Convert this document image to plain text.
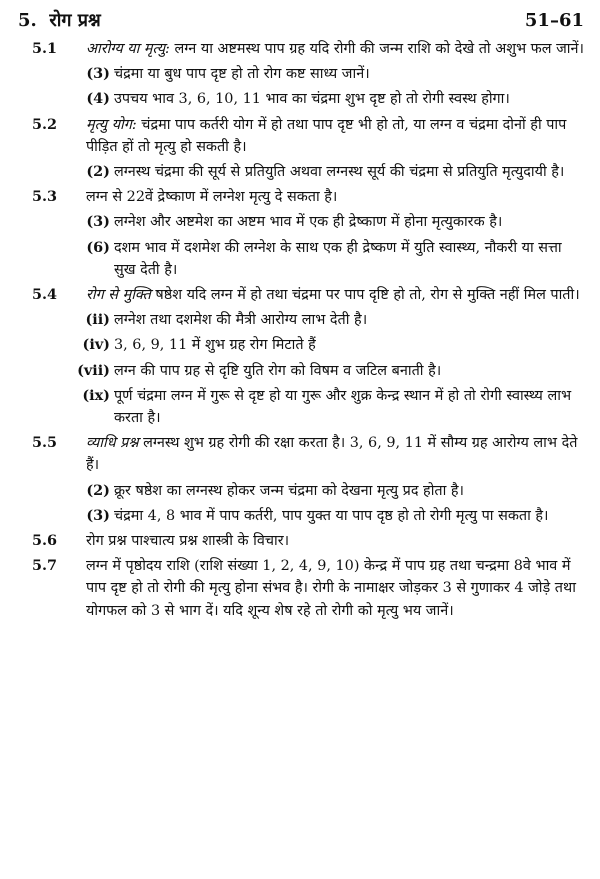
5. रोग प्रश्न	51–61

5.1 आरोग्य या मृत्यु: लग्न या अष्टमस्थ पाप ग्रह यदि रोगी की जन्म राशि को देखे तो अशुभ फल जानें।

(3) चंद्रमा या बुध पाप दृष्ट हो तो रोग कष्ट साध्य जानें।

(4) उपचय भाव 3, 6, 10, 11 भाव का चंद्रमा शुभ दृष्ट हो तो रोगी स्वस्थ होगा।

5.2 मृत्यु योग: चंद्रमा पाप कर्तरी योग में हो तथा पाप दृष्ट भी हो तो, या लग्न व चंद्रमा दोनों ही पाप पीड़ित हों तो मृत्यु हो सकती है।

(2) लग्नस्थ चंद्रमा की सूर्य से प्रतियुति अथवा लग्नस्थ सूर्य की चंद्रमा से प्रतियुति मृत्युदायी है।

5.3 लग्न से 22वें द्रेष्काण में लग्नेश मृत्यु दे सकता है।

(3) लग्नेश और अष्टमेश का अष्टम भाव में एक ही द्रेष्काण में होना मृत्युकारक है।

(6) दशम भाव में दशमेश की लग्नेश के साथ एक ही द्रेष्कण में युति स्वास्थ्य, नौकरी या सत्ता सुख देती है।

5.4 रोग से मुक्ति षष्ठेश यदि लग्न में हो तथा चंद्रमा पर पाप दृष्टि हो तो, रोग से मुक्ति नहीं मिल पाती।

(ii) लग्नेश तथा दशमेश की मैत्री आरोग्य लाभ देती है।

(iv) 3, 6, 9, 11 में शुभ ग्रह रोग मिटाते हैं

(vii) लग्न की पाप ग्रह से दृष्टि युति रोग को विषम व जटिल बनाती है।

(ix) पूर्ण चंद्रमा लग्न में गुरू से दृष्ट हो या गुरू और शुक्र केन्द्र स्थान में हो तो रोगी स्वास्थ्य लाभ करता है।

5.5 व्याधि प्रश्न लग्नस्थ शुभ ग्रह रोगी की रक्षा करता है। 3, 6, 9, 11 में सौम्य ग्रह आरोग्य लाभ देते हैं।

(2) क्रूर षष्ठेश का लग्नस्थ होकर जन्म चंद्रमा को देखना मृत्यु प्रद होता है।

(3) चंद्रमा 4, 8 भाव में पाप कर्तरी, पाप युक्त या पाप दृष्ठ हो तो रोगी मृत्यु पा सकता है।

5.6 रोग प्रश्न पाश्चात्य प्रश्न शास्त्री के विचार।

5.7 लग्न में पृष्ठोदय राशि (राशि संख्या 1, 2, 4, 9, 10) केन्द्र में पाप ग्रह तथा चन्द्रमा 8वे भाव में पाप दृष्ट हो तो रोगी की मृत्यु होना संभव है। रोगी के नामाक्षर जोड़कर 3 से गुणाकर 4 जोड़े तथा योगफल को 3 से भाग दें। यदि शून्य शेष रहे तो रोगी को मृत्यु भय जानें।
